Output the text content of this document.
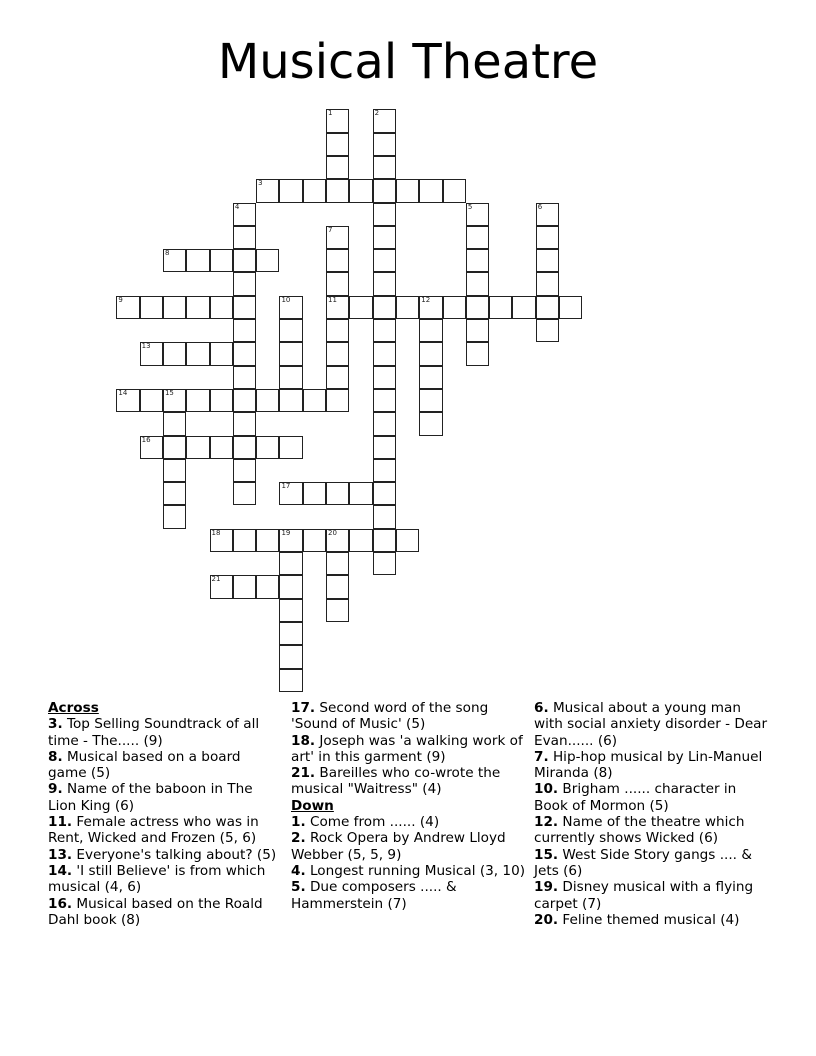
Musical Theatre
1	2
3
4	5	6
7
11
8
9	10	12
13
14	15
16
17
18	19	20
21
Across
3. Top Selling Soundtrack of all time - The..... (9)
8. Musical based on a board game (5)
9. Name of the baboon in The Lion King (6)
11. Female actress who was in Rent, Wicked and Frozen (5, 6)
13. Everyone's talking about? (5)
14. 'I still Believe' is from which musical (4, 6)
16. Musical based on the Roald Dahl book (8)
17. Second word of the song 'Sound of Music' (5)
18. Joseph was 'a walking work of art' in this garment (9)
21. Bareilles who co-wrote the musical "Waitress" (4)
Down
1. Come from ...... (4)
2. Rock Opera by Andrew Lloyd Webber (5, 5, 9)
4. Longest running Musical (3, 10)
5. Due composers ..... & Hammerstein (7)
6. Musical about a young man with social anxiety disorder - Dear Evan...... (6)
7. Hip-hop musical by Lin-Manuel Miranda (8)
10. Brigham ...... character in Book of Mormon (5)
12. Name of the theatre which currently shows Wicked (6)
15. West Side Story gangs .... & Jets (6)
19. Disney musical with a flying carpet (7)
20. Feline themed musical (4)
